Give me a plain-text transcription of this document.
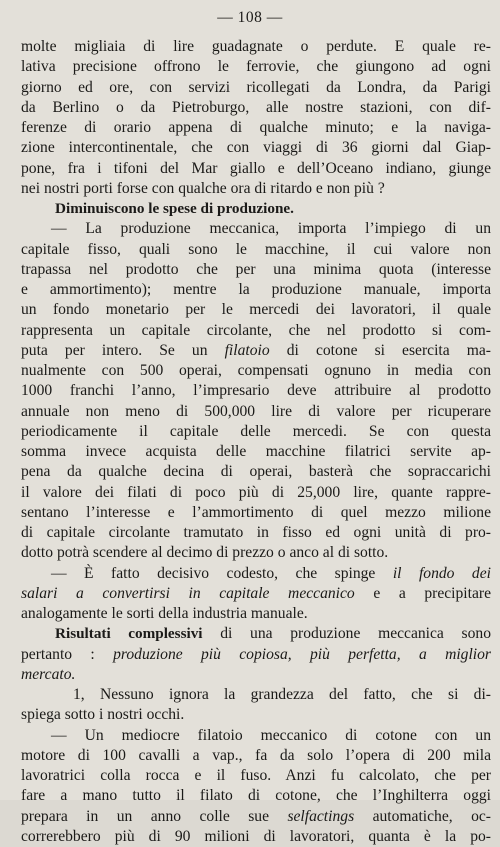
— 108 —
molte migliaia di lire guadagnate o perdute. E quale re-
lativa precisione offrono le ferrovie, che giungono ad ogni
giorno ed ore, con servizi ricollegati da Londra, da Parigi
da Berlino o da Pietroburgo, alle nostre stazioni, con dif-
ferenze di orario appena di qualche minuto; e la naviga-
zione intercontinentale, che con viaggi di 36 giorni dal Giap-
pone, fra i tifoni del Mar giallo e dell’Oceano indiano, giunge
nei nostri porti forse con qualche ora di ritardo e non più ?
Diminuiscono le spese di produzione.
— La produzione meccanica, importa l’impiego di un
capitale fisso, quali sono le macchine, il cui valore non
trapassa nel prodotto che per una minima quota (interesse
e ammortimento); mentre la produzione manuale, importa
un fondo monetario per le mercedi dei lavoratori, il quale
rappresenta un capitale circolante, che nel prodotto si com-
puta per intero. Se un filatoio di cotone si esercita ma-
nualmente con 500 operai, compensati ognuno in media con
1000 franchi l’anno, l’impresario deve attribuire al prodotto
annuale non meno di 500,000 lire di valore per ricuperare
periodicamente il capitale delle mercedi. Se con questa
somma invece acquista delle macchine filatrici servite ap-
pena da qualche decina di operai, basterà che sopraccarichi
il valore dei filati di poco più di 25,000 lire, quante rappre-
sentano l’interesse e l’ammortimento di quel mezzo milione
di capitale circolante tramutato in fisso ed ogni unità di pro-
dotto potrà scendere al decimo di prezzo o anco al di sotto.
— È fatto decisivo codesto, che spinge il fondo dei
salari a convertirsi in capitale meccanico e a precipitare
analogamente le sorti della industria manuale.
Risultati complessivi di una produzione meccanica sono
pertanto : produzione più copiosa, più perfetta, a miglior
mercato.
1, Nessuno ignora la grandezza del fatto, che si di-
spiega sotto i nostri occhi.
— Un mediocre filatoio meccanico di cotone con un
motore di 100 cavalli a vap., fa da solo l’opera di 200 mila
lavoratrici colla rocca e il fuso. Anzi fu calcolato, che per
fare a mano tutto il filato di cotone, che l’Inghilterra oggi
prepara in un anno colle sue selfactings automatiche, oc-
correrebbero più di 90 milioni di lavoratori, quanta è la po-
